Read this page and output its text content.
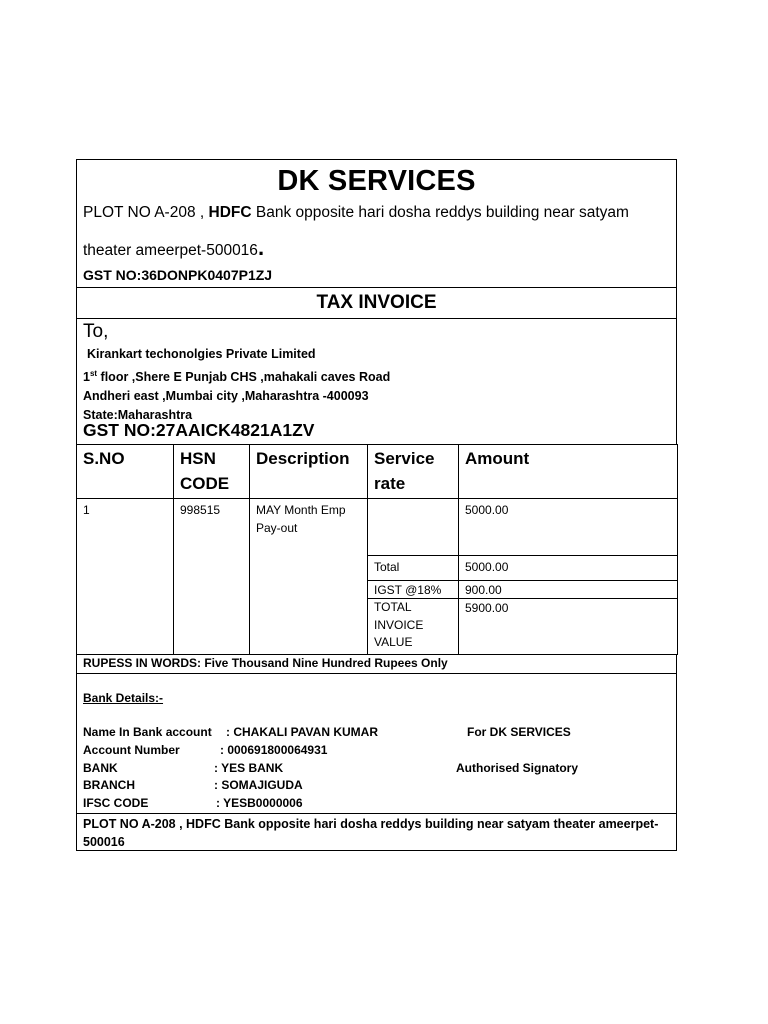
DK SERVICES
PLOT NO A-208 , HDFC Bank opposite hari dosha reddys building near satyam theater ameerpet-500016.
GST NO:36DONPK0407P1ZJ
TAX INVOICE
To,
Kirankart techonolgies Private Limited
1st floor ,Shere E Punjab CHS ,mahakali caves Road
Andheri east ,Mumbai city ,Maharashtra -400093
State:Maharashtra
GST NO:27AAICK4821A1ZV
S.NO	HSN CODE	Description	Service rate	Amount
1	998515	MAY Month Emp Pay-out		5000.00
			Total	5000.00
			IGST @18%	900.00
			TOTAL INVOICE VALUE	5900.00
RUPESS IN WORDS: Five Thousand Nine Hundred Rupees Only
Bank Details:-
Name In Bank account : CHAKALI PAVAN KUMAR
Account Number	: 000691800064931
BANK	: YES BANK
BRANCH	: SOMAJIGUDA
IFSC CODE	: YESB0000006
For DK SERVICES
Authorised Signatory
PLOT NO A-208 , HDFC Bank opposite hari dosha reddys building near satyam theater ameerpet-500016
